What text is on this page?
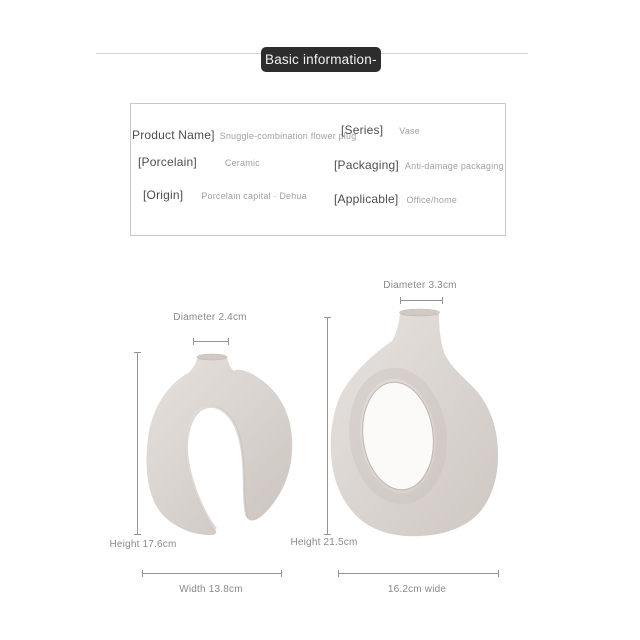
Basic information-
Product Name] Snuggle-combination flower plug
[Series] Vase
[Porcelain]	Ceramic	[Packaging] Anti-damage packaging
[Origin] Porcelain capital · Dehua [Applicable] Office/home
Diameter 2.4cm
Height 17.6cm
Width 13.8cm
Diameter 3.3cm
Height 21.5cm
16.2cm wide
